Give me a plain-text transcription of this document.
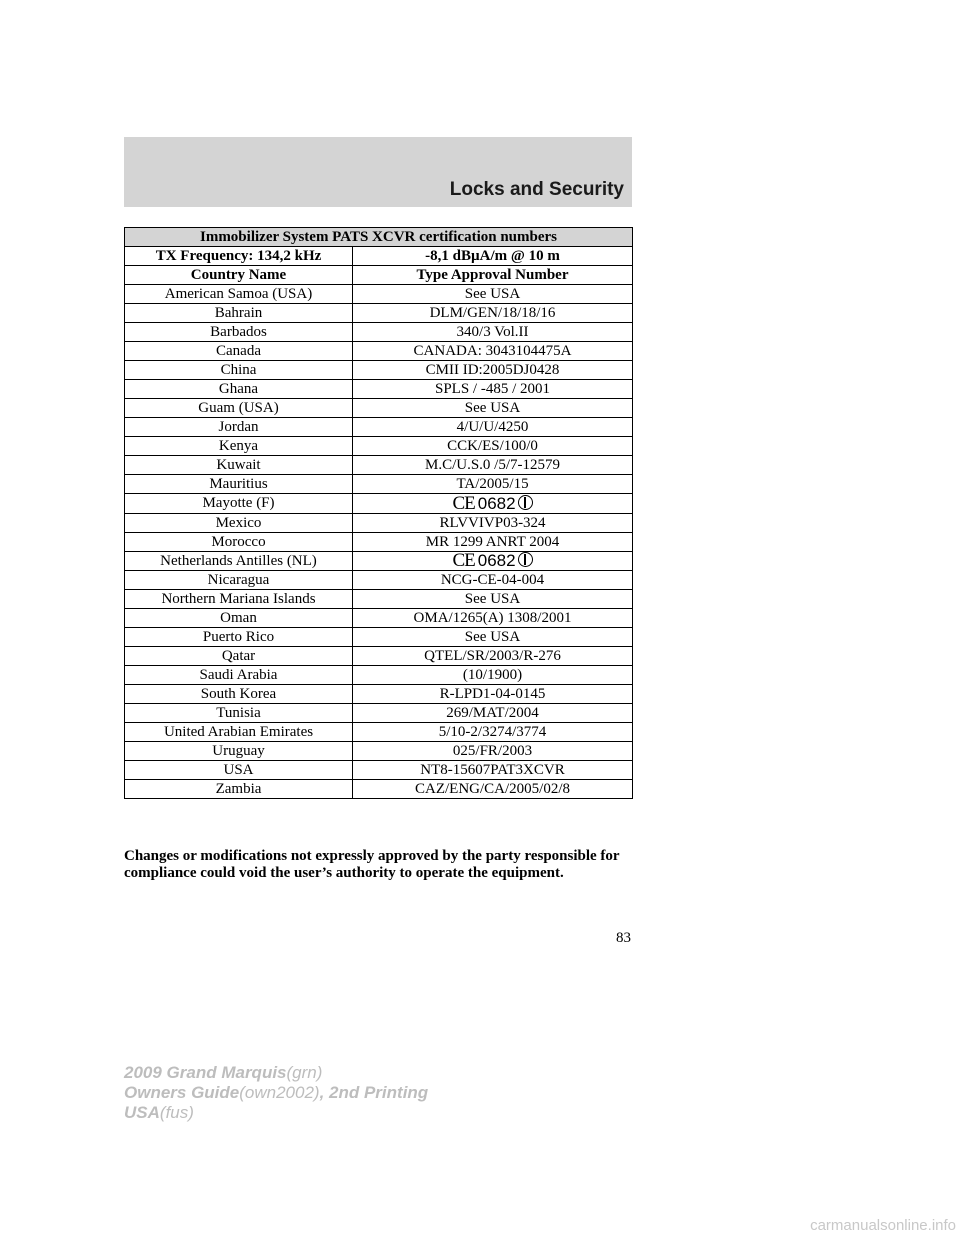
Locks and Security
Immobilizer System PATS XCVR certification numbers	
TX Frequency: 134,2 kHz	-8,1 dBµA/m @ 10 m
Country Name	Type Approval Number
American Samoa (USA)	See USA
Bahrain	DLM/GEN/18/18/16
Barbados	340/3 Vol.II
Canada	CANADA: 3043104475A
China	CMII ID:2005DJ0428
Ghana	SPLS / -485 / 2001
Guam (USA)	See USA
Jordan	4/U/U/4250
Kenya	CCK/ES/100/0
Kuwait	M.C/U.S.0 /5/7-12579
Mauritius	TA/2005/15
Mayotte (F)	CE 0682
Mexico	RLVVIVP03-324
Morocco	MR 1299 ANRT 2004
Netherlands Antilles (NL)	CE 0682
Nicaragua	NCG-CE-04-004
Northern Mariana Islands	See USA
Oman	OMA/1265(A) 1308/2001
Puerto Rico	See USA
Qatar	QTEL/SR/2003/R-276
Saudi Arabia	(10/1900)
South Korea	R-LPD1-04-0145
Tunisia	269/MAT/2004
United Arabian Emirates	5/10-2/3274/3774
Uruguay	025/FR/2003
USA	NT8-15607PAT3XCVR
Zambia	CAZ/ENG/CA/2005/02/8
Changes or modifications not expressly approved by the party responsible for compliance could void the user’s authority to operate the equipment.
83
2009 Grand Marquis(grn)
Owners Guide(own2002), 2nd Printing
USA(fus)
carmanualsonline.info
